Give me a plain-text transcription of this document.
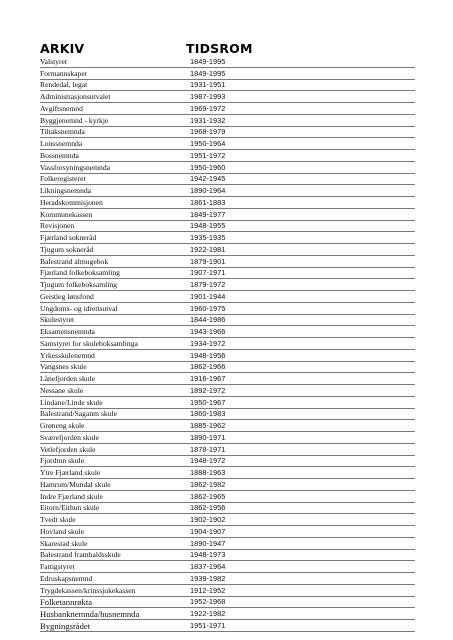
ARKIV	TIDSROM
Valstyret	1849-1995
Formannskapet	1849-1995
Rendedal, legat	1931-1951
Administrasjonsutvalet	1987-1993
Avgiftsnemnd	1969-1972
Byggjenemnd - kyrkje	1931-1932
Tiltaksnemnda	1968-1979
Lonssnemnda	1950-1964
Bossnemnda	1951-1972
Vassforsyningsnemnda	1950-1960
Folkeregisteret	1942-1945
Likningsnemnda	1890-1964
Heradskommisjonen	1861-1883
Kommunekassen	1849-1977
Revisjonen	1948-1955
Fjærland sokneråd	1935-1935
Tjugum sokneråd	1922-1981
Balestrand almugebok	1879-1901
Fjærland folkeboksamling	1907-1971
Tjugum folkeboksamling	1879-1972
Geistleg lønsfond	1901-1944
Ungdoms- og idrettsutval	1960-1975
Skulestyret	1844-1986
Eksamensnemnda	1943-1966
Samstyret for skuleboksamlinga	1934-1972
Yrkesskulenemnd	1948-1956
Vangsnes skule	1862-1966
Lånefjorden skule	1916-1967
Nessane skule	1892-1972
Lindane/Linde skule	1950-1967
Balestrand/Saganm skule	1860-1983
Grøneng skule	1885-1962
Sværefjorden skule	1890-1971
Vetlefjorden skule	1878-1971
Fjordtun skule	1948-1972
Ytre Fjærland skule	1888-1963
Hamrum/Mundal skule	1862-1982
Indre Fjærland skule	1862-1965
Eitorn/Eithun skule	1862-1956
Tvedt skule	1902-1902
Hovland skule	1904-1907
Skarestad skule	1890-1947
Balestrand framhaldsskule	1948-1973
Fattigstyret	1837-1964
Edruskapsnemnd	1939-1982
Trygdekassen/krinssjukekassen	1912-1952
Folketannrøkta	1952-1968
Husbanknemnda/husnemnda	1922-1982
Bygningsrådet	1951-1971
